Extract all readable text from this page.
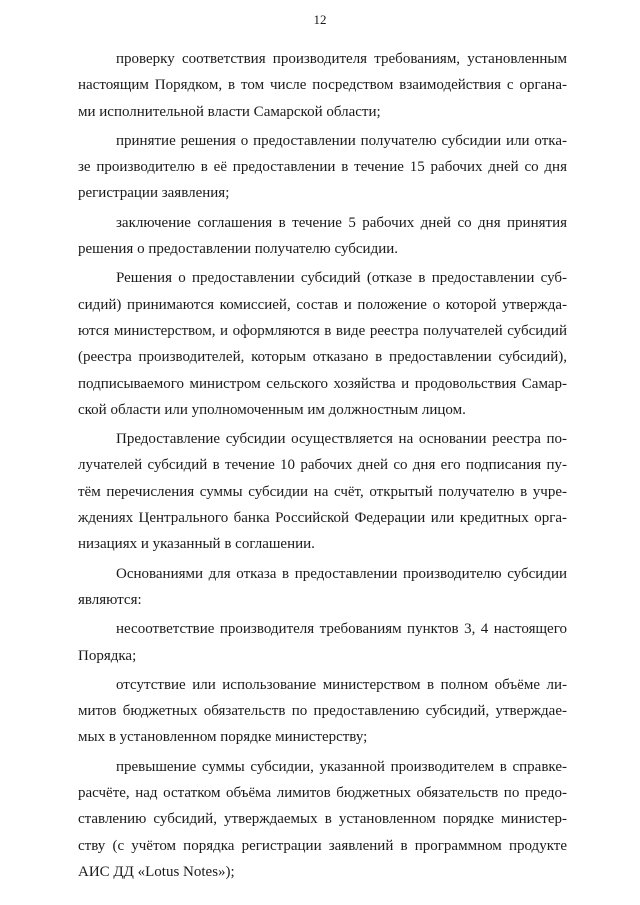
12
проверку соответствия производителя требованиям, установленным
настоящим Порядком, в том числе посредством взаимодействия с органа-
ми исполнительной власти Самарской области;
принятие решения о предоставлении получателю субсидии или отка-
зе производителю в её предоставлении в течение 15 рабочих дней со дня
регистрации заявления;
заключение соглашения в течение 5 рабочих дней со дня принятия
решения о предоставлении получателю субсидии.
Решения о предоставлении субсидий (отказе в предоставлении суб-
сидий) принимаются комиссией, состав и положение о которой утвержда-
ются министерством, и оформляются в виде реестра получателей субсидий
(реестра производителей, которым отказано в предоставлении субсидий),
подписываемого министром сельского хозяйства и продовольствия Самар-
ской области или уполномоченным им должностным лицом.
Предоставление субсидии осуществляется на основании реестра по-
лучателей субсидий в течение 10 рабочих дней со дня его подписания пу-
тём перечисления суммы субсидии на счёт, открытый получателю в учре-
ждениях Центрального банка Российской Федерации или кредитных орга-
низациях и указанный в соглашении.
Основаниями для отказа в предоставлении производителю субсидии
являются:
несоответствие производителя требованиям пунктов 3, 4 настоящего
Порядка;
отсутствие или использование министерством в полном объёме ли-
митов бюджетных обязательств по предоставлению субсидий, утверждае-
мых в установленном порядке министерству;
превышение суммы субсидии, указанной производителем в справке-
расчёте, над остатком объёма лимитов бюджетных обязательств по предо-
ставлению субсидий, утверждаемых в установленном порядке министер-
ству (с учётом порядка регистрации заявлений в программном продукте
АИС ДД «Lotus Notes»);
